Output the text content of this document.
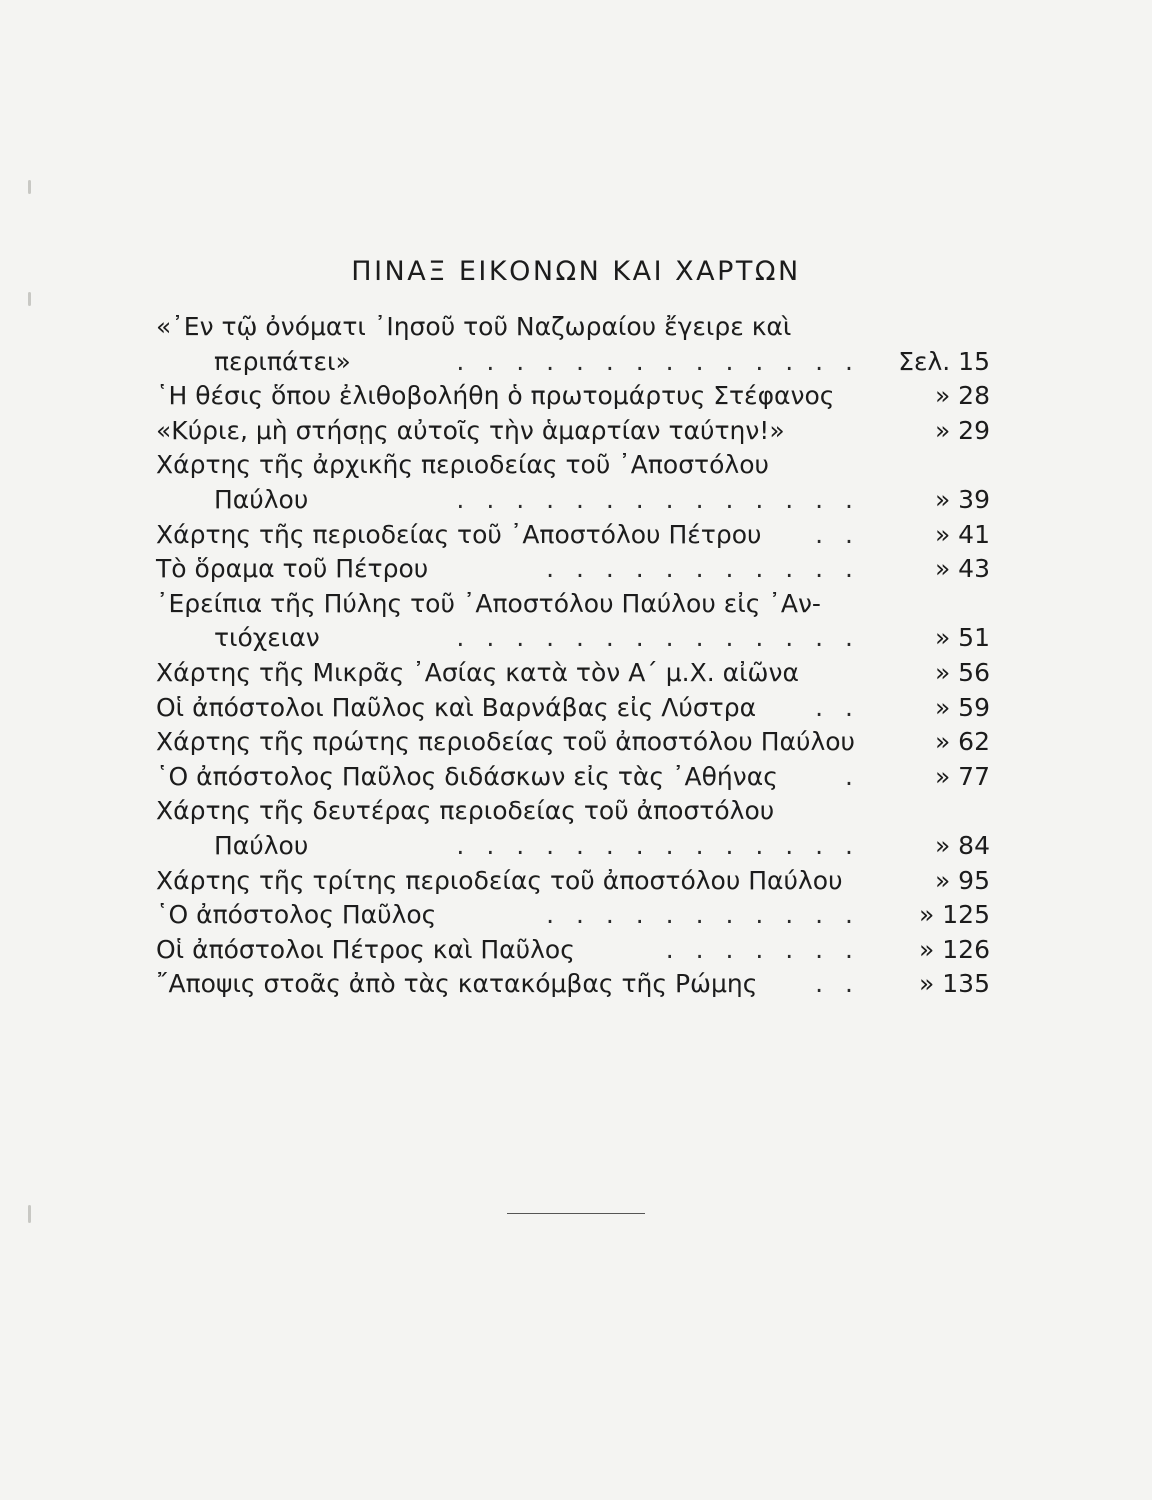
ΠΙΝΑΞ ΕΙΚΟΝΩΝ ΚΑΙ ΧΑΡΤΩΝ
«᾿Εν τῷ ὀνόματι ᾿Ιησοῦ τοῦ Ναζωραίου ἔγειρε καὶ
περιπάτει»	. . . . . . . . . . . . . .	Σελ. 15
῾Η θέσις ὅπου ἐλιθοβολήθη ὁ πρωτομάρτυς Στέφανος	» 28
«Κύριε, μὴ στήσῃς αὐτοῖς τὴν ἁμαρτίαν ταύτην!»	» 29
Χάρτης τῆς ἀρχικῆς περιοδείας τοῦ ᾿Αποστόλου
Παύλου	. . . . . . . . . . . . . .	» 39
Χάρτης τῆς περιοδείας τοῦ ᾿Αποστόλου Πέτρου . .	» 41
Τὸ ὅραμα τοῦ Πέτρου	. . . . . . . . . . .	» 43
᾿Ερείπια τῆς Πύλης τοῦ ᾿Αποστόλου Παύλου εἰς ᾿Αν-
τιόχειαν	. . . . . . . . . . . . . .	» 51
Χάρτης τῆς Μικρᾶς ᾿Ασίας κατὰ τὸν Α΄ μ.Χ. αἰῶνα	» 56
Οἱ ἀπόστολοι Παῦλος καὶ Βαρνάβας εἰς Λύστρα . .	» 59
Χάρτης τῆς πρώτης περιοδείας τοῦ ἀποστόλου Παύλου	» 62
῾Ο ἀπόστολος Παῦλος διδάσκων εἰς τὰς ᾿Αθήνας	.	» 77
Χάρτης τῆς δευτέρας περιοδείας τοῦ ἀποστόλου
Παύλου	. . . . . . . . . . . . . .	» 84
Χάρτης τῆς τρίτης περιοδείας τοῦ ἀποστόλου Παύλου	» 95
῾Ο ἀπόστολος Παῦλος	. . . . . . . . . . .	» 125
Οἱ ἀπόστολοι Πέτρος καὶ Παῦλος	. . . . . . .	» 126
῎Αποψις στοᾶς ἀπὸ τὰς κατακόμβας τῆς Ρώμης . .	» 135
